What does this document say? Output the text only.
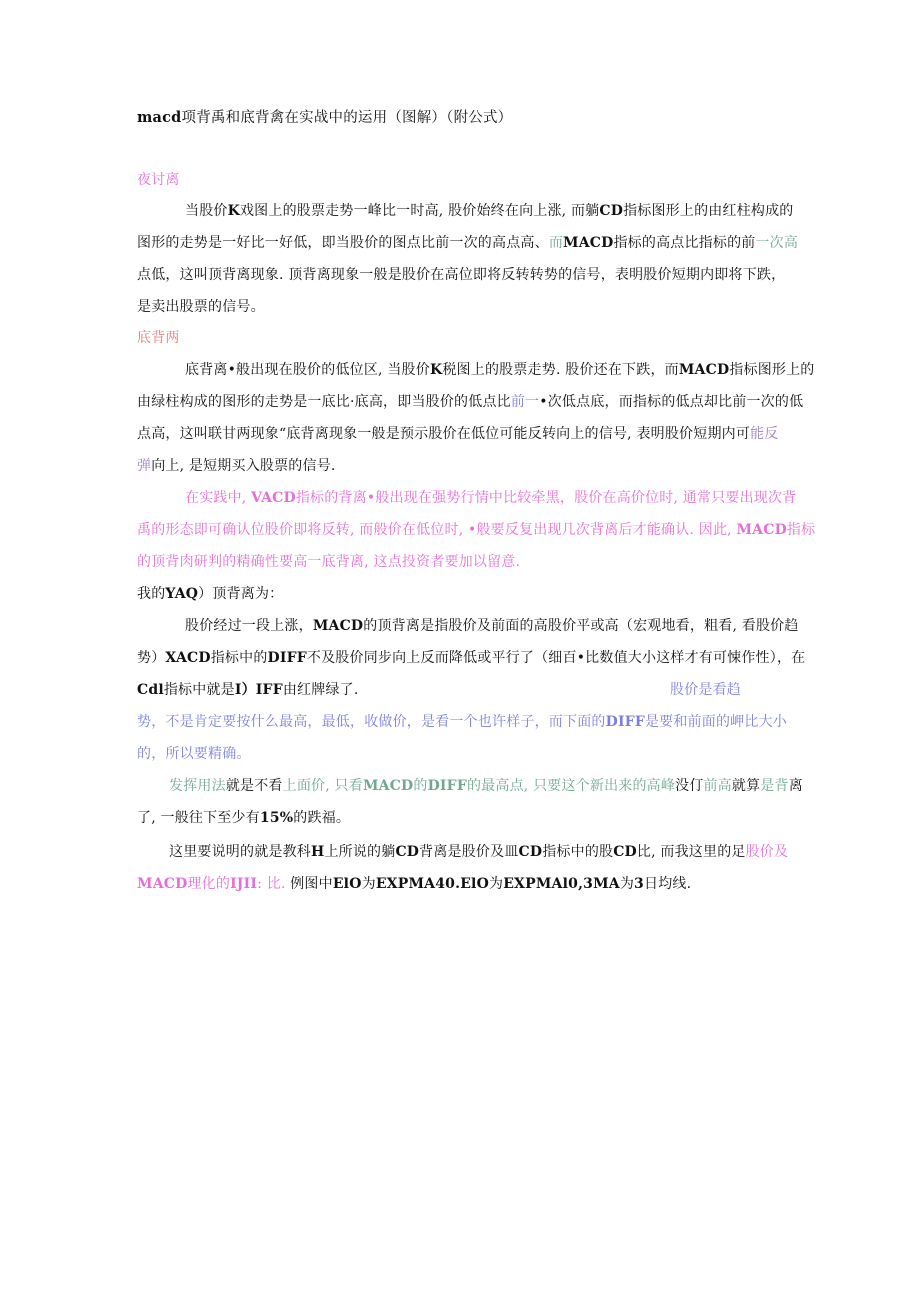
macd项背禹和底背禽在实战中的运用（图解）（附公式）
夜讨离
当股价K戏图上的股票走势一峰比一时高, 股价始终在向上涨, 而躺CD指标图形上的由红柱构成的
图形的走势是一好比一好低，即当股价的图点比前一次的高点高、而MACD指标的高点比指标的前一次高
点低，这叫顶背离现象. 顶背离现象一般是股价在高位即将反转转势的信号，表明股价短期内即将下跌，
是卖出股票的信号。
底背两
底背离•般出现在股价的低位区, 当股价K税图上的股票走势. 股价还在下跌，而MACD指标图形上的
由绿柱构成的图形的走势是一底比·底高，即当股价的低点比前一•次低点底，而指标的低点却比前一次的低
点高，这叫联甘两现象“底背离现象一般是预示股价在低位可能反转向上的信号, 表明股价短期内可能反
弹向上, 是短期买入股票的信号.
在实践中, VACD指标的背离•般出现在强势行情中比较牵黑，股价在高价位时, 通常只要出现次背
禹的形态即可确认位股价即将反转, 而般价在低位时, •般要反复出现几次背离后才能确认. 因此, MACD指标
的顶背肉研判的精确性要高一底背离, 这点投资者要加以留意.
我的YAQ）顶背离为：
股价经过一段上涨，MACD的顶背离是指股价及前面的高股价平或高（宏观地看，粗看, 看股价趋
势）XACD指标中的DIFF不及股价同步向上反而降低或平行了（细百•比数值大小这样才有可悚作性），在
Cdl指标中就是I）IFF由红牌绿了.	股价是看趋
势，不是肯定要按什么最高，最低，收做价，是看一个也许样子，而下面的DIFF是要和前面的岬比大小
的，所以要精确。
发挥用法就是不看上面价, 只看MACD的DIFF的最高点, 只要这个新出来的高峰没仃前高就算是背离
了, 一般往下至少有15%的跌福。
这里要说明的就是教科H上所说的躺CD背离是股价及皿CD指标中的股CD比, 而我这里的足股价及
MACD理化的IJII: 比. 例图中ElO为EXPMA40.ElO为EXPMAl0,3MA为3日均线.
